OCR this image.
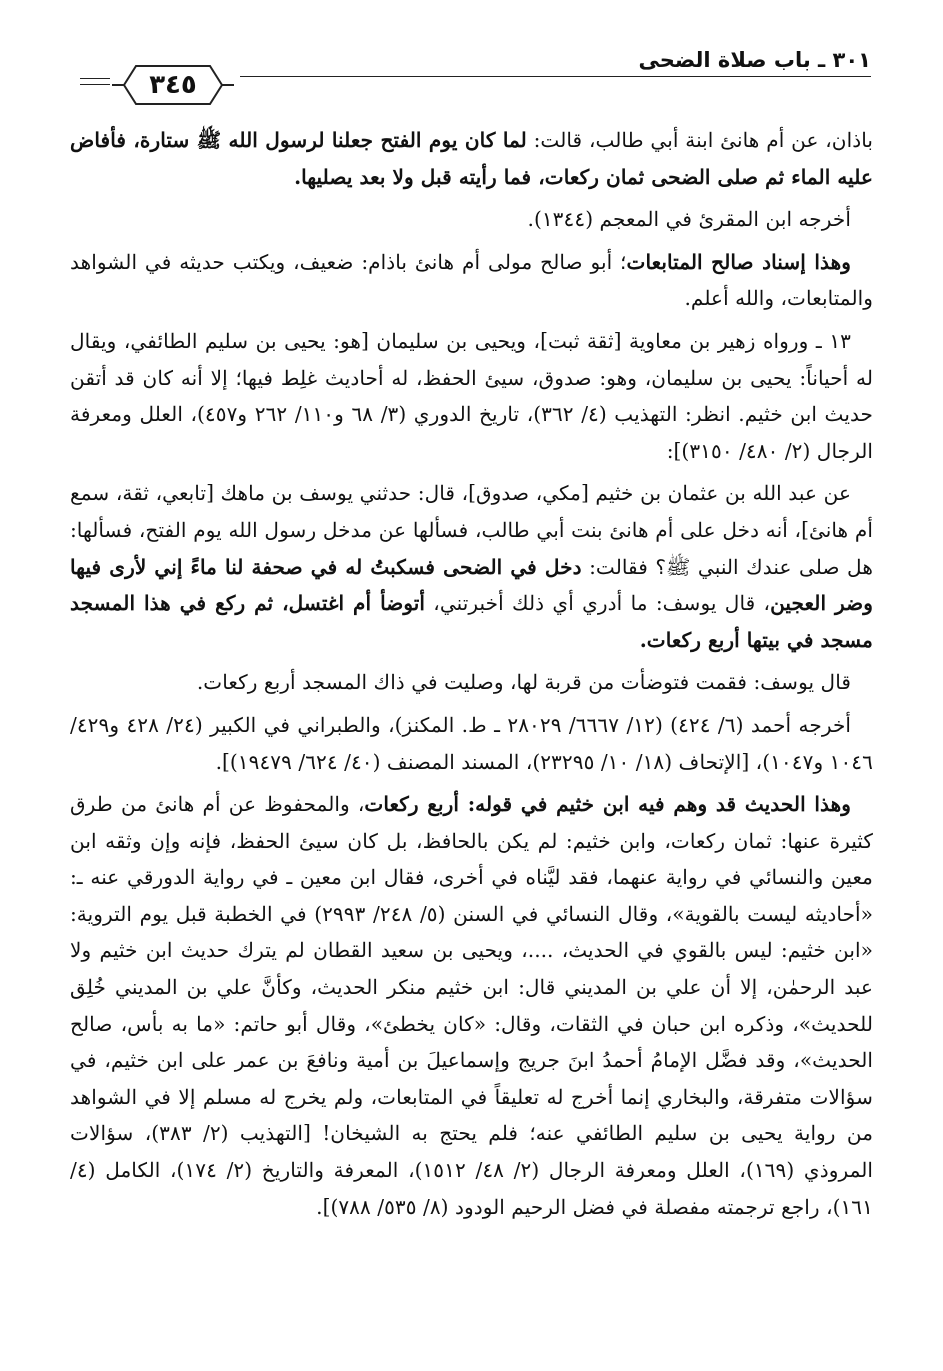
٣٠١ ـ باب صلاة الضحى
٣٤٥

باذان، عن أم هانئ ابنة أبي طالب، قالت: لما كان يوم الفتح جعلنا لرسول الله ﷺ ستارة، فأفاض عليه الماء ثم صلى الضحى ثمان ركعات، فما رأيته قبل ولا بعد يصليها.

أخرجه ابن المقرئ في المعجم (١٣٤٤).

وهذا إسناد صالح المتابعات؛ أبو صالح مولى أم هانئ باذام: ضعيف، ويكتب حديثه في الشواهد والمتابعات، والله أعلم.

١٣ ـ ورواه زهير بن معاوية [ثقة ثبت]، ويحيى بن سليمان [هو: يحيى بن سليم الطائفي، ويقال له أحياناً: يحيى بن سليمان، وهو: صدوق، سيئ الحفظ، له أحاديث غلِط فيها؛ إلا أنه كان قد أتقن حديث ابن خثيم. انظر: التهذيب (٤/ ٣٦٢)، تاريخ الدوري (٣/ ٦٨ و١١٠/ ٢٦٢ و٤٥٧)، العلل ومعرفة الرجال (٢/ ٤٨٠/ ٣١٥٠)]:

عن عبد الله بن عثمان بن خثيم [مكي، صدوق]، قال: حدثني يوسف بن ماهك [تابعي، ثقة، سمع أم هانئ]، أنه دخل على أم هانئ بنت أبي طالب، فسألها عن مدخل رسول الله يوم الفتح، فسألها: هل صلى عندك النبي ﷺ؟ فقالت: دخل في الضحى فسكبتُ له في صحفة لنا ماءً إني لأرى فيها وضر العجين، قال يوسف: ما أدري أي ذلك أخبرتني، أتوضأ أم اغتسل، ثم ركع في هذا المسجد مسجد في بيتها أربع ركعات.

قال يوسف: فقمت فتوضأت من قربة لها، وصليت في ذاك المسجد أربع ركعات.

أخرجه أحمد (٦/ ٤٢٤) (١٢/ ٦٦٦٧/ ٢٨٠٢٩ ـ ط. المكنز)، والطبراني في الكبير (٢٤/ ٤٢٨ و٤٢٩/ ١٠٤٦ و١٠٤٧)، [الإتحاف (١٨/ ١٠/ ٢٣٢٩٥)، المسند المصنف (٤٠/ ٦٢٤/ ١٩٤٧٩)].

وهذا الحديث قد وهم فيه ابن خثيم في قوله: أربع ركعات، والمحفوظ عن أم هانئ من طرق كثيرة عنها: ثمان ركعات، وابن خثيم: لم يكن بالحافظ، بل كان سيئ الحفظ، فإنه وإن وثقه ابن معين والنسائي في رواية عنهما، فقد ليَّناه في أخرى، فقال ابن معين ـ في رواية الدورقي عنه ـ: «أحاديثه ليست بالقوية»، وقال النسائي في السنن (٥/ ٢٤٨/ ٢٩٩٣) في الخطبة قبل يوم التروية: «ابن خثيم: ليس بالقوي في الحديث، ....، ويحيى بن سعيد القطان لم يترك حديث ابن خثيم ولا عبد الرحمٰن، إلا أن علي بن المديني قال: ابن خثيم منكر الحديث، وكأنَّ علي بن المديني خُلِق للحديث»، وذكره ابن حبان في الثقات، وقال: «كان يخطئ»، وقال أبو حاتم: «ما به بأس، صالح الحديث»، وقد فضَّل الإمامُ أحمدُ ابنَ جريج وإسماعيلَ بن أمية ونافعَ بن عمر على ابن خثيم، في سؤالات متفرقة، والبخاري إنما أخرج له تعليقاً في المتابعات، ولم يخرج له مسلم إلا في الشواهد من رواية يحيى بن سليم الطائفي عنه؛ فلم يحتج به الشيخان! [التهذيب (٢/ ٣٨٣)، سؤالات المروذي (١٦٩)، العلل ومعرفة الرجال (٢/ ٤٨/ ١٥١٢)، المعرفة والتاريخ (٢/ ١٧٤)، الكامل (٤/ ١٦١)، راجع ترجمته مفصلة في فضل الرحيم الودود (٨/ ٥٣٥/ ٧٨٨)].
